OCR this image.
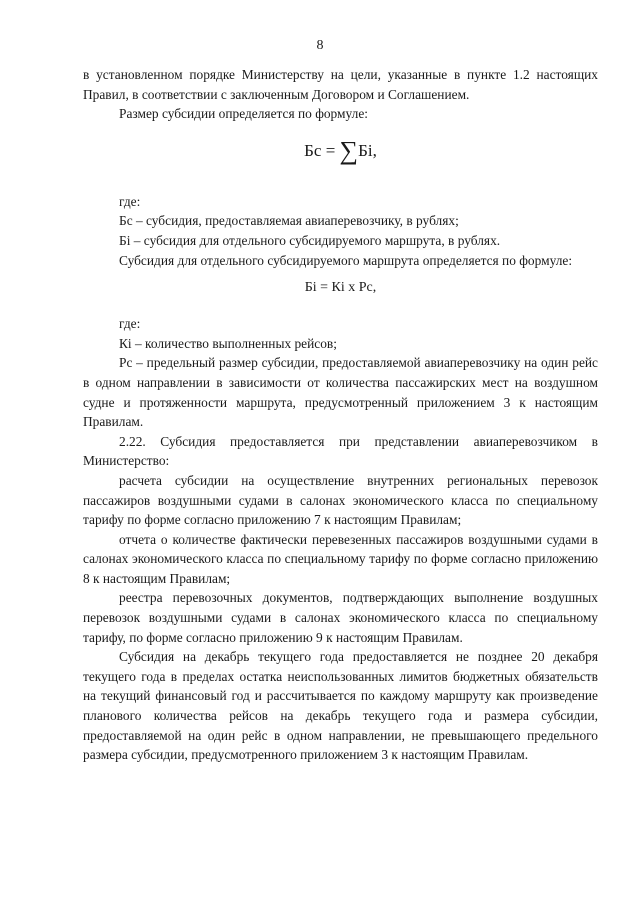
8

в установленном порядке Министерству на цели, указанные в пункте 1.2 настоящих Правил, в соответствии с заключенным Договором и Соглашением.

Размер субсидии определяется по формуле:

Бс = ∑Бi,

где:

Бс – субсидия, предоставляемая авиаперевозчику, в рублях;

Бi – субсидия для отдельного субсидируемого маршрута, в рублях.

Субсидия для отдельного субсидируемого маршрута определяется по формуле:

Бi = Кi х Рс,

где:

Кi – количество выполненных рейсов;

Рс – предельный размер субсидии, предоставляемой авиаперевозчику на один рейс в одном направлении в зависимости от количества пассажирских мест на воздушном судне и протяженности маршрута, предусмотренный приложением 3 к настоящим Правилам.

2.22. Субсидия предоставляется при представлении авиаперевозчиком в Министерство:

расчета субсидии на осуществление внутренних региональных перевозок пассажиров воздушными судами в салонах экономического класса по специальному тарифу по форме согласно приложению 7 к настоящим Правилам;

отчета о количестве фактически перевезенных пассажиров воздушными судами в салонах экономического класса по специальному тарифу по форме согласно приложению 8 к настоящим Правилам;

реестра перевозочных документов, подтверждающих выполнение воздушных перевозок воздушными судами в салонах экономического класса по специальному тарифу, по форме согласно приложению 9 к настоящим Правилам.

Субсидия на декабрь текущего года предоставляется не позднее 20 декабря текущего года в пределах остатка неиспользованных лимитов бюджетных обязательств на текущий финансовый год и рассчитывается по каждому маршруту как произведение планового количества рейсов на декабрь текущего года и размера субсидии, предоставляемой на один рейс в одном направлении, не превышающего предельного размера субсидии, предусмотренного приложением 3 к настоящим Правилам.
